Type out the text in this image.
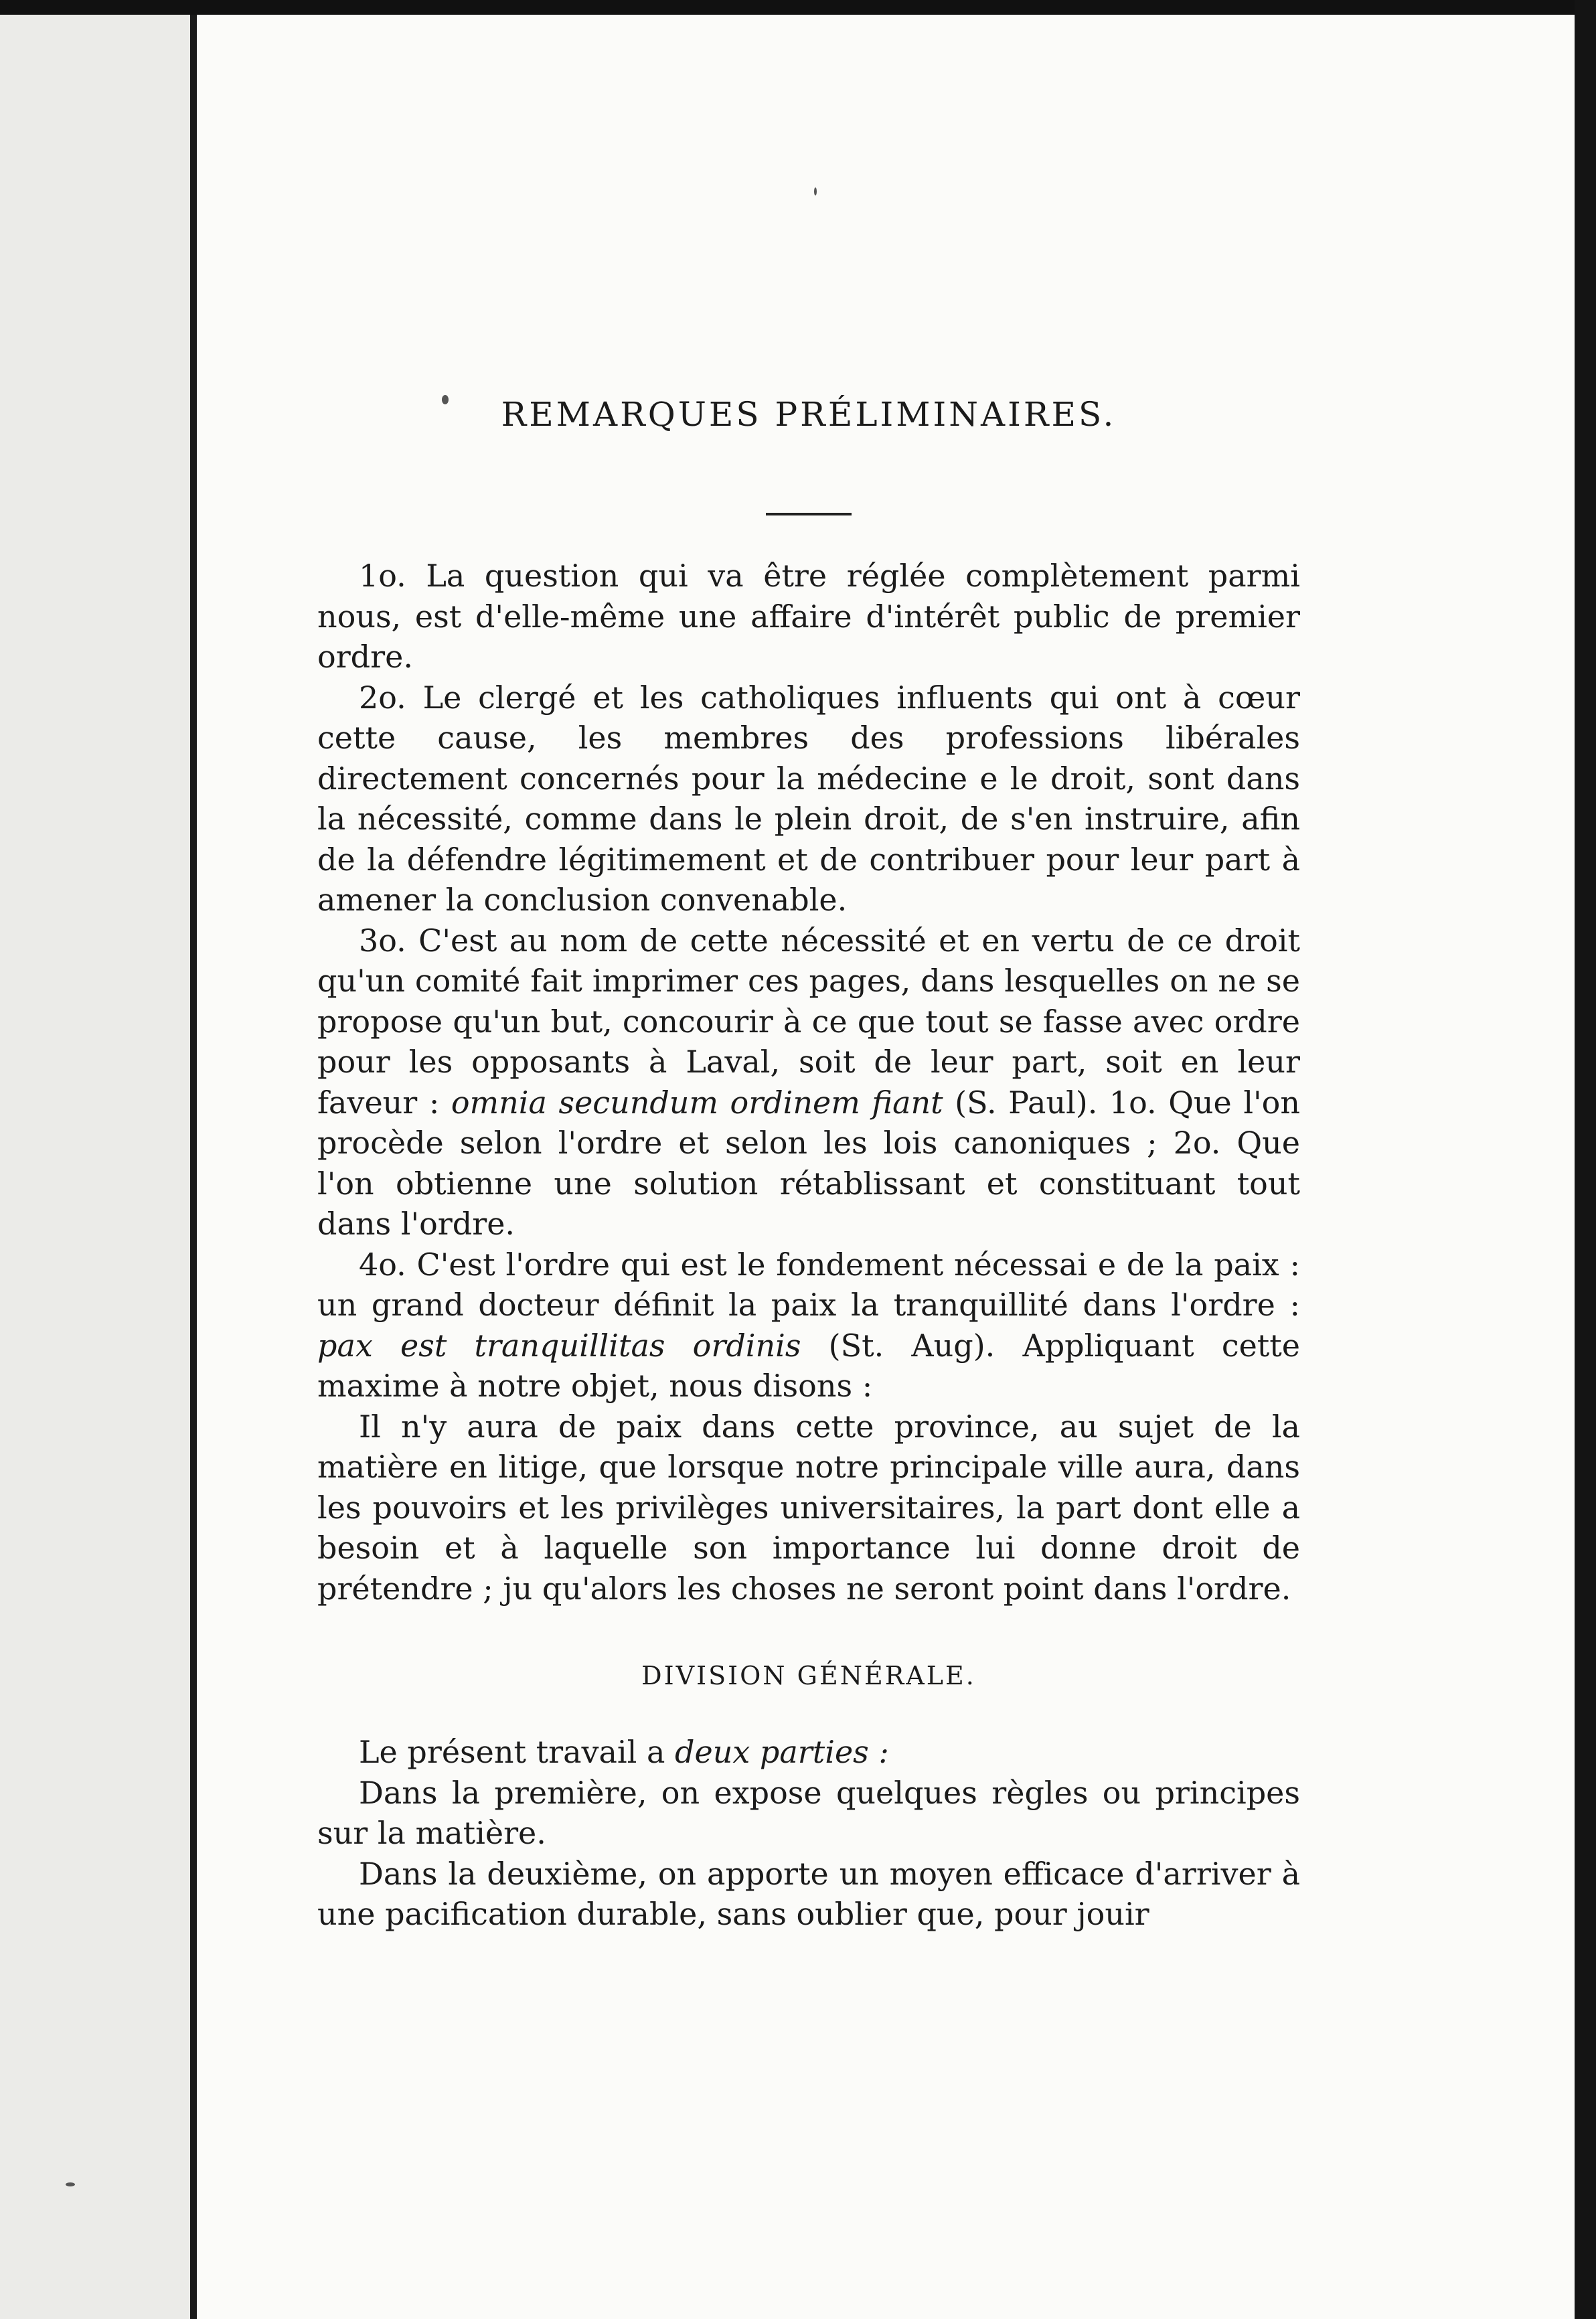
REMARQUES PRÉLIMINAIRES.

1o. La question qui va être réglée complètement parmi nous, est d'elle-même une affaire d'intérêt public de premier ordre.

2o. Le clergé et les catholiques influents qui ont à cœur cette cause, les membres des professions libérales directement concernés pour la médecine e le droit, sont dans la nécessité, comme dans le plein droit, de s'en instruire, afin de la défendre légitimement et de contribuer pour leur part à amener la conclusion convenable.

3o. C'est au nom de cette nécessité et en vertu de ce droit qu'un comité fait imprimer ces pages, dans lesquelles on ne se propose qu'un but, concourir à ce que tout se fasse avec ordre pour les opposants à Laval, soit de leur part, soit en leur faveur : omnia secundum ordinem fiant (S. Paul). 1o. Que l'on procède selon l'ordre et selon les lois canoniques ; 2o. Que l'on obtienne une solution rétablissant et constituant tout dans l'ordre.

4o. C'est l'ordre qui est le fondement nécessai e de la paix : un grand docteur définit la paix la tranquillité dans l'ordre : pax est tranquillitas ordinis (St. Aug). Appliquant cette maxime à notre objet, nous disons :

Il n'y aura de paix dans cette province, au sujet de la matière en litige, que lorsque notre principale ville aura, dans les pouvoirs et les privilèges universitaires, la part dont elle a besoin et à laquelle son importance lui donne droit de prétendre ; ju qu'alors les choses ne seront point dans l'ordre.

DIVISION GÉNÉRALE.

Le présent travail a deux parties :

Dans la première, on expose quelques règles ou principes sur la matière.

Dans la deuxième, on apporte un moyen efficace d'arriver à une pacification durable, sans oublier que, pour jouir
